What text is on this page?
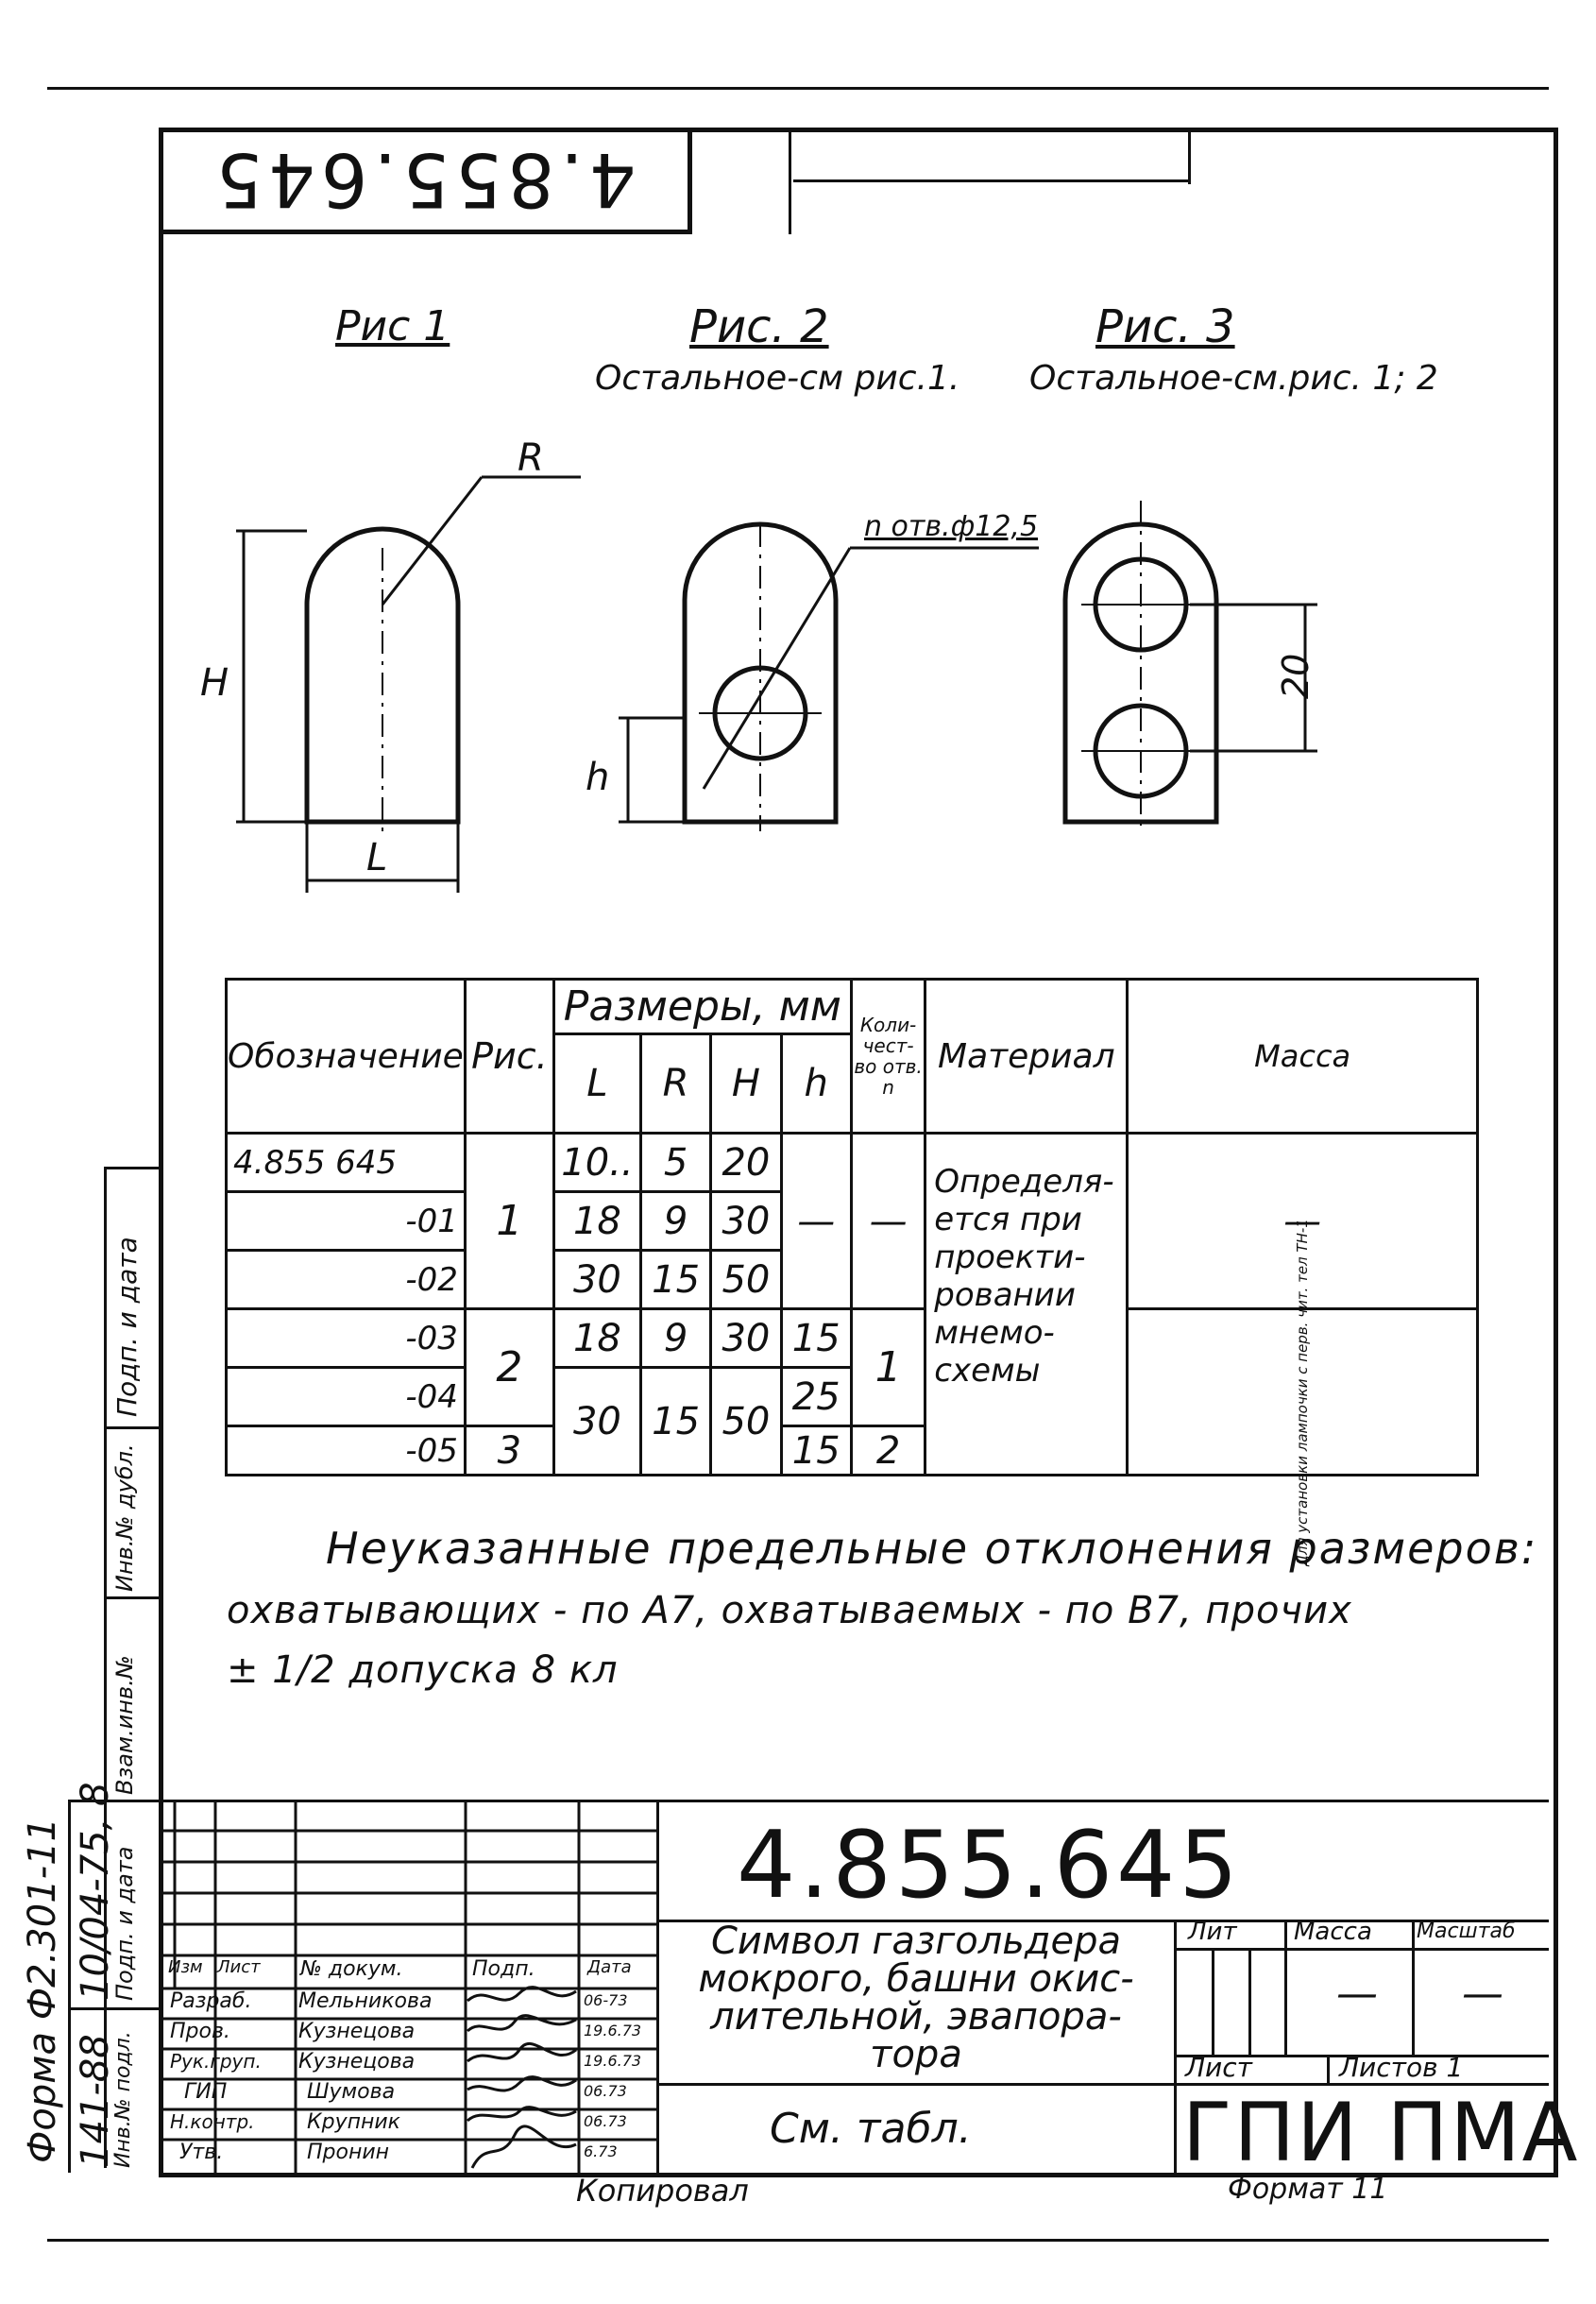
4.855.645
Рис 1	Рис. 2
Остальное-см рис.1.
Рис. 3
Остальное-см.рис. 1; 2
R
H
L
n отв.ф12,5
h
20
Обозначение	Рис.	Размеры, мм				Коли-чест-во отв. n	Материал	Масса
		L	R	H	h			
4.855 645	1	10..	5	20	—	—	Определя-ется при проекти-ровании мнемо-схемы	—
-01		18	9	30				
-02		30	15	50				
-03	2	18	9	30	15	1		Для установки лампочки с перв. чит. тел ТН-1

-04		30	15	50	25			
-05	3				15	2		
Неуказанные предельные отклонения размеров:
охватывающих - по A7, охватываемых - по B7, прочих
± 1/2 допуска 8 кл
Изм Лист № докум.	Подп.	Дата
Разраб. Мельникова	06-73
Пров.	Кузнецова	19.6.73
Рук.груп. Кузнецова	19.6.73
ГИП	Шумова	06.73
Н.контр.	Крупник	06.73
Утв.	Пронин	6.73
4.855.645
Символ газгольдера мокрого, башни окис-лительной, эвапора-тора
См. табл.
Лит Масса Масштаб
— —
Лист	Листов 1
ГПИ ПМА
Подп. и дата
Инв.№ дубл.
Взам.инв.№
Подп. и дата
Инв.№ подл.
10/04-75, 8
141-88
Форма Ф2.301-11
Копировал	Формат 11
